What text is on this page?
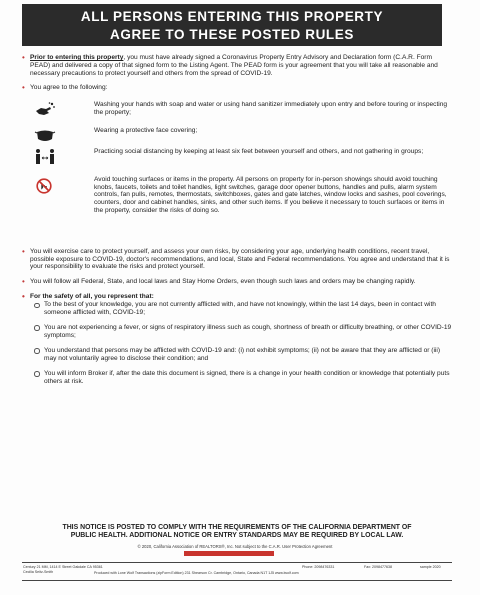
ALL PERSONS ENTERING THIS PROPERTY
AGREE TO THESE POSTED RULES

• Prior to entering this property, you must have already signed a Coronavirus Property Entry Advisory and Declaration form (C.A.R. Form PEAD) and delivered a copy of that signed form to the Listing Agent. The PEAD form is your agreement that you will take all reasonable and necessary precautions to protect yourself and others from the spread of COVID-19.

• You agree to the following:

Washing your hands with soap and water or using hand sanitizer immediately upon entry and before touring or inspecting the property;

Wearing a protective face covering;

Practicing social distancing by keeping at least six feet between yourself and others, and not gathering in groups;

Avoid touching surfaces or items in the property. All persons on property for in-person showings should avoid touching knobs, faucets, toilets and toilet handles, light switches, garage door opener buttons, handles and pulls, alarm system controls, fan pulls, remotes, thermostats, switchboxes, gates and gate latches, window locks and sashes, pool coverings, counters, door and cabinet handles, sinks, and other such items. If you believe it necessary to touch surfaces or items in the property, consider the risks of doing so.

• You will exercise care to protect yourself, and assess your own risks, by considering your age, underlying health conditions, recent travel, possible exposure to COVID-19, doctor's recommendations, and local, State and Federal recommendations. You agree and understand that it is your responsibility to evaluate the risks and protect yourself.

• You will follow all Federal, State, and local laws and Stay Home Orders, even though such laws and orders may be changing rapidly.

• For the safety of all, you represent that:

To the best of your knowledge, you are not currently afflicted with, and have not knowingly, within the last 14 days, been in contact with someone afflicted with, COVID-19;

You are not experiencing a fever, or signs of respiratory illness such as cough, shortness of breath or difficulty breathing, or other COVID-19 symptoms;

You understand that persons may be afflicted with COVID-19 and: (i) not exhibit symptoms; (ii) not be aware that they are afflicted or (iii) may not voluntarily agree to disclose their condition; and

You will inform Broker if, after the date this document is signed, there is a change in your health condition or knowledge that potentially puts others at risk.

THIS NOTICE IS POSTED TO COMPLY WITH THE REQUIREMENTS OF THE CALIFORNIA DEPARTMENT OF
PUBLIC HEALTH. ADDITIONAL NOTICE OR ENTRY STANDARDS MAY BE REQUIRED BY LOCAL LAW.
© 2020, California Association of REALTORS®, Inc. Not subject to the C.A.R. User Protection Agreement
Century 21 MM, 1414 E Street Oakdale CA 95361
Cecilia Seitz-Smith
Phone: 2098476331	Fax: 2098477638	sample 2020
Produced with Lone Wolf Transactions (zipForm Edition) 231 Shearson Cr. Cambridge, Ontario, Canada N1T 1J5 www.lwolf.com
